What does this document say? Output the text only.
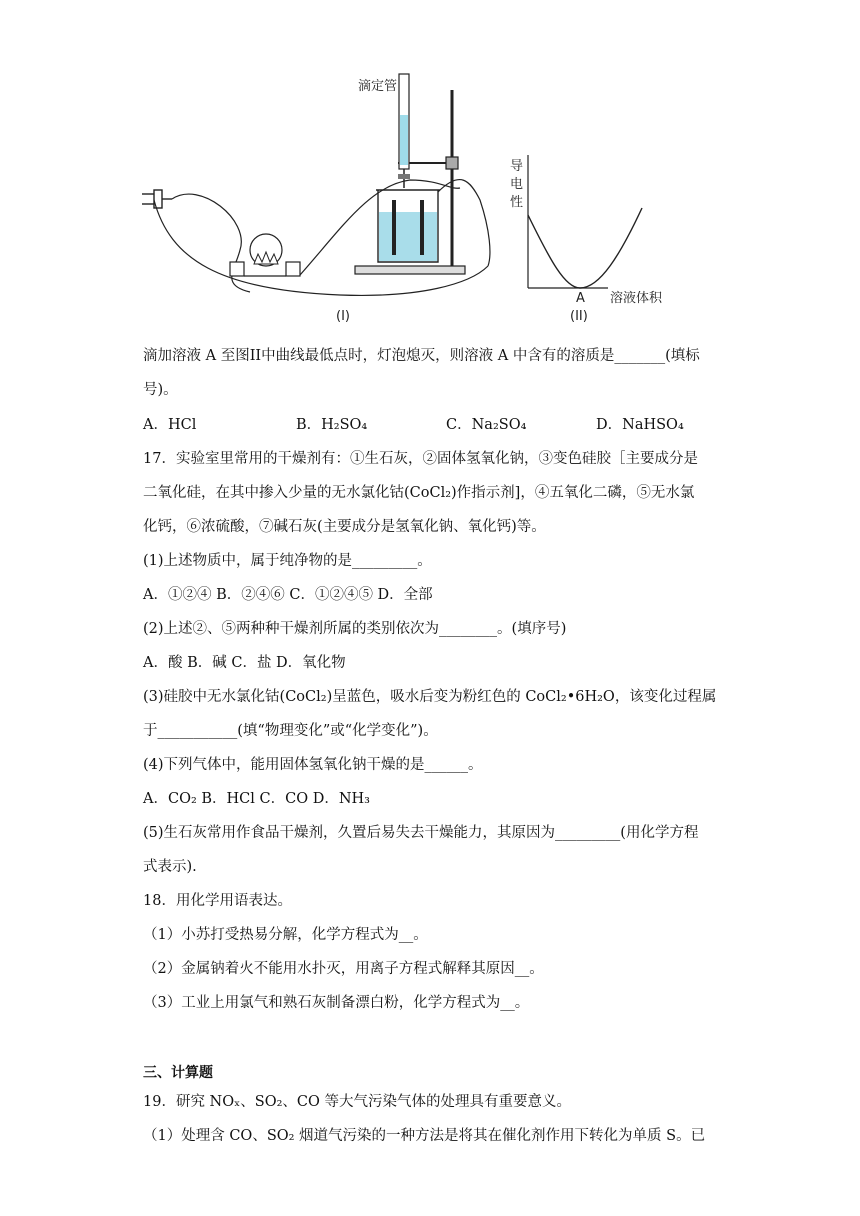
滴定管
(I)
导
电
性
A 溶液体积
(II)
滴加溶液 A 至图II中曲线最低点时，灯泡熄灭，则溶液 A 中含有的溶质是_______(填标
号)。
A．HCl	B．H₂SO₄	C．Na₂SO₄	D．NaHSO₄
17．实验室里常用的干燥剂有：①生石灰，②固体氢氧化钠，③变色硅胶［主要成分是
二氧化硅，在其中掺入少量的无水氯化钴(CoCl₂)作指示剂]，④五氧化二磷，⑤无水氯
化钙，⑥浓硫酸，⑦碱石灰(主要成分是氢氧化钠、氧化钙)等。
(1)上述物质中，属于纯净物的是_________。
A．①②④ B．②④⑥ C．①②④⑤ D．全部
(2)上述②、⑤两种种干燥剂所属的类别依次为________。(填序号)
A．酸 B．碱 C．盐 D．氧化物
(3)硅胶中无水氯化钴(CoCl₂)呈蓝色，吸水后变为粉红色的 CoCl₂•6H₂O，该变化过程属
于___________(填“物理变化”或“化学变化”)。
(4)下列气体中，能用固体氢氧化钠干燥的是______。
A．CO₂ B．HCl C．CO D．NH₃
(5)生石灰常用作食品干燥剂，久置后易失去干燥能力，其原因为_________(用化学方程
式表示).
18．用化学用语表达。
（1）小苏打受热易分解，化学方程式为__。
（2）金属钠着火不能用水扑灭，用离子方程式解释其原因__。
（3）工业上用氯气和熟石灰制备漂白粉，化学方程式为__。
三、计算题
19．研究 NOₓ、SO₂、CO 等大气污染气体的处理具有重要意义。
（1）处理含 CO、SO₂ 烟道气污染的一种方法是将其在催化剂作用下转化为单质 S。已
